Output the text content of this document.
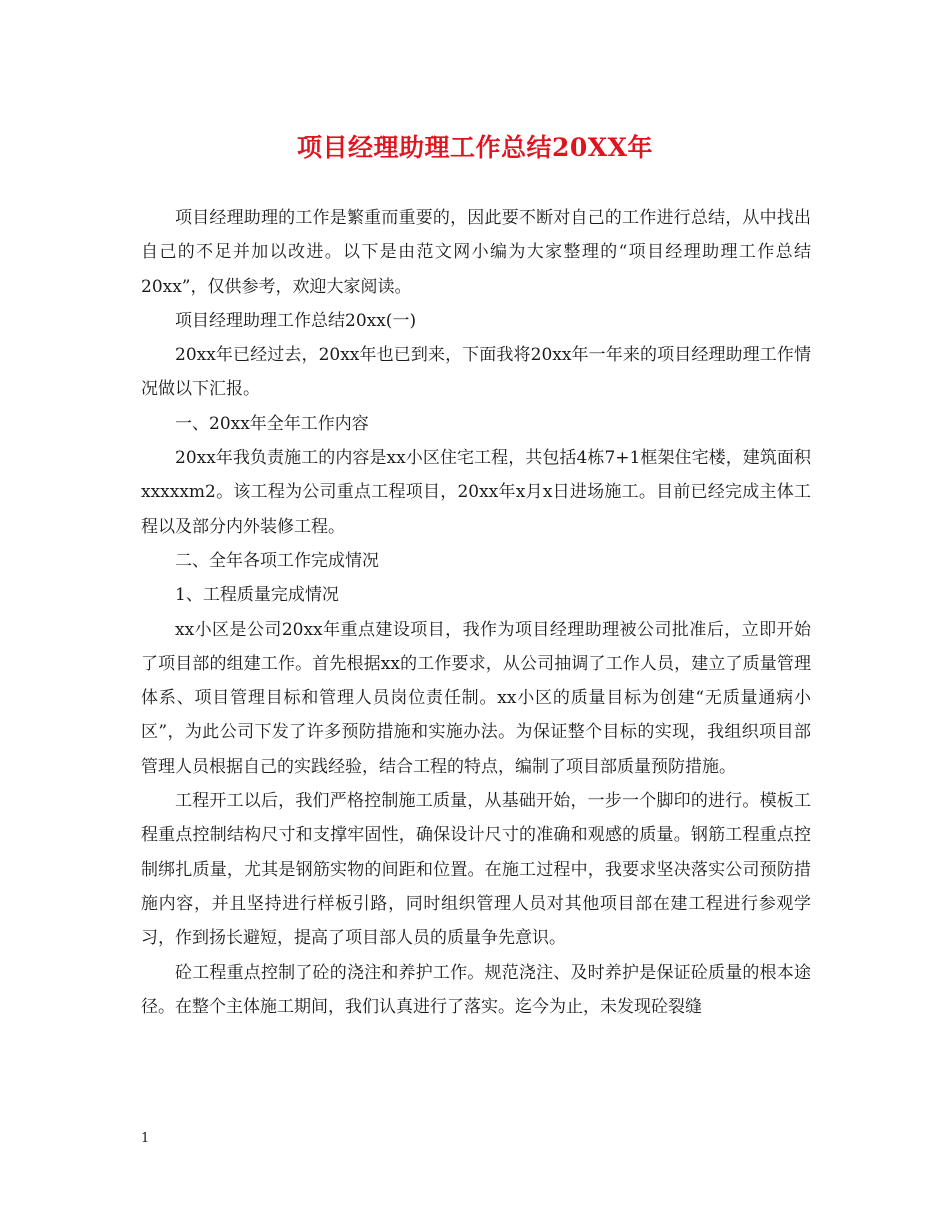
项目经理助理工作总结20XX年

项目经理助理的工作是繁重而重要的，因此要不断对自己的工作进行总结，从中找出自己的不足并加以改进。以下是由范文网小编为大家整理的“项目经理助理工作总结20xx”，仅供参考，欢迎大家阅读。

项目经理助理工作总结20xx(一)

20xx年已经过去，20xx年也已到来，下面我将20xx年一年来的项目经理助理工作情况做以下汇报。

一、20xx年全年工作内容

20xx年我负责施工的内容是xx小区住宅工程，共包括4栋7+1框架住宅楼，建筑面积xxxxxm2。该工程为公司重点工程项目，20xx年x月x日进场施工。目前已经完成主体工程以及部分内外装修工程。

二、全年各项工作完成情况

1、工程质量完成情况

xx小区是公司20xx年重点建设项目，我作为项目经理助理被公司批准后，立即开始了项目部的组建工作。首先根据xx的工作要求，从公司抽调了工作人员，建立了质量管理体系、项目管理目标和管理人员岗位责任制。xx小区的质量目标为创建“无质量通病小区”，为此公司下发了许多预防措施和实施办法。为保证整个目标的实现，我组织项目部管理人员根据自己的实践经验，结合工程的特点，编制了项目部质量预防措施。

工程开工以后，我们严格控制施工质量，从基础开始，一步一个脚印的进行。模板工程重点控制结构尺寸和支撑牢固性，确保设计尺寸的准确和观感的质量。钢筋工程重点控制绑扎质量，尤其是钢筋实物的间距和位置。在施工过程中，我要求坚决落实公司预防措施内容，并且坚持进行样板引路，同时组织管理人员对其他项目部在建工程进行参观学习，作到扬长避短，提高了项目部人员的质量争先意识。

砼工程重点控制了砼的浇注和养护工作。规范浇注、及时养护是保证砼质量的根本途径。在整个主体施工期间，我们认真进行了落实。迄今为止，未发现砼裂缝

1
